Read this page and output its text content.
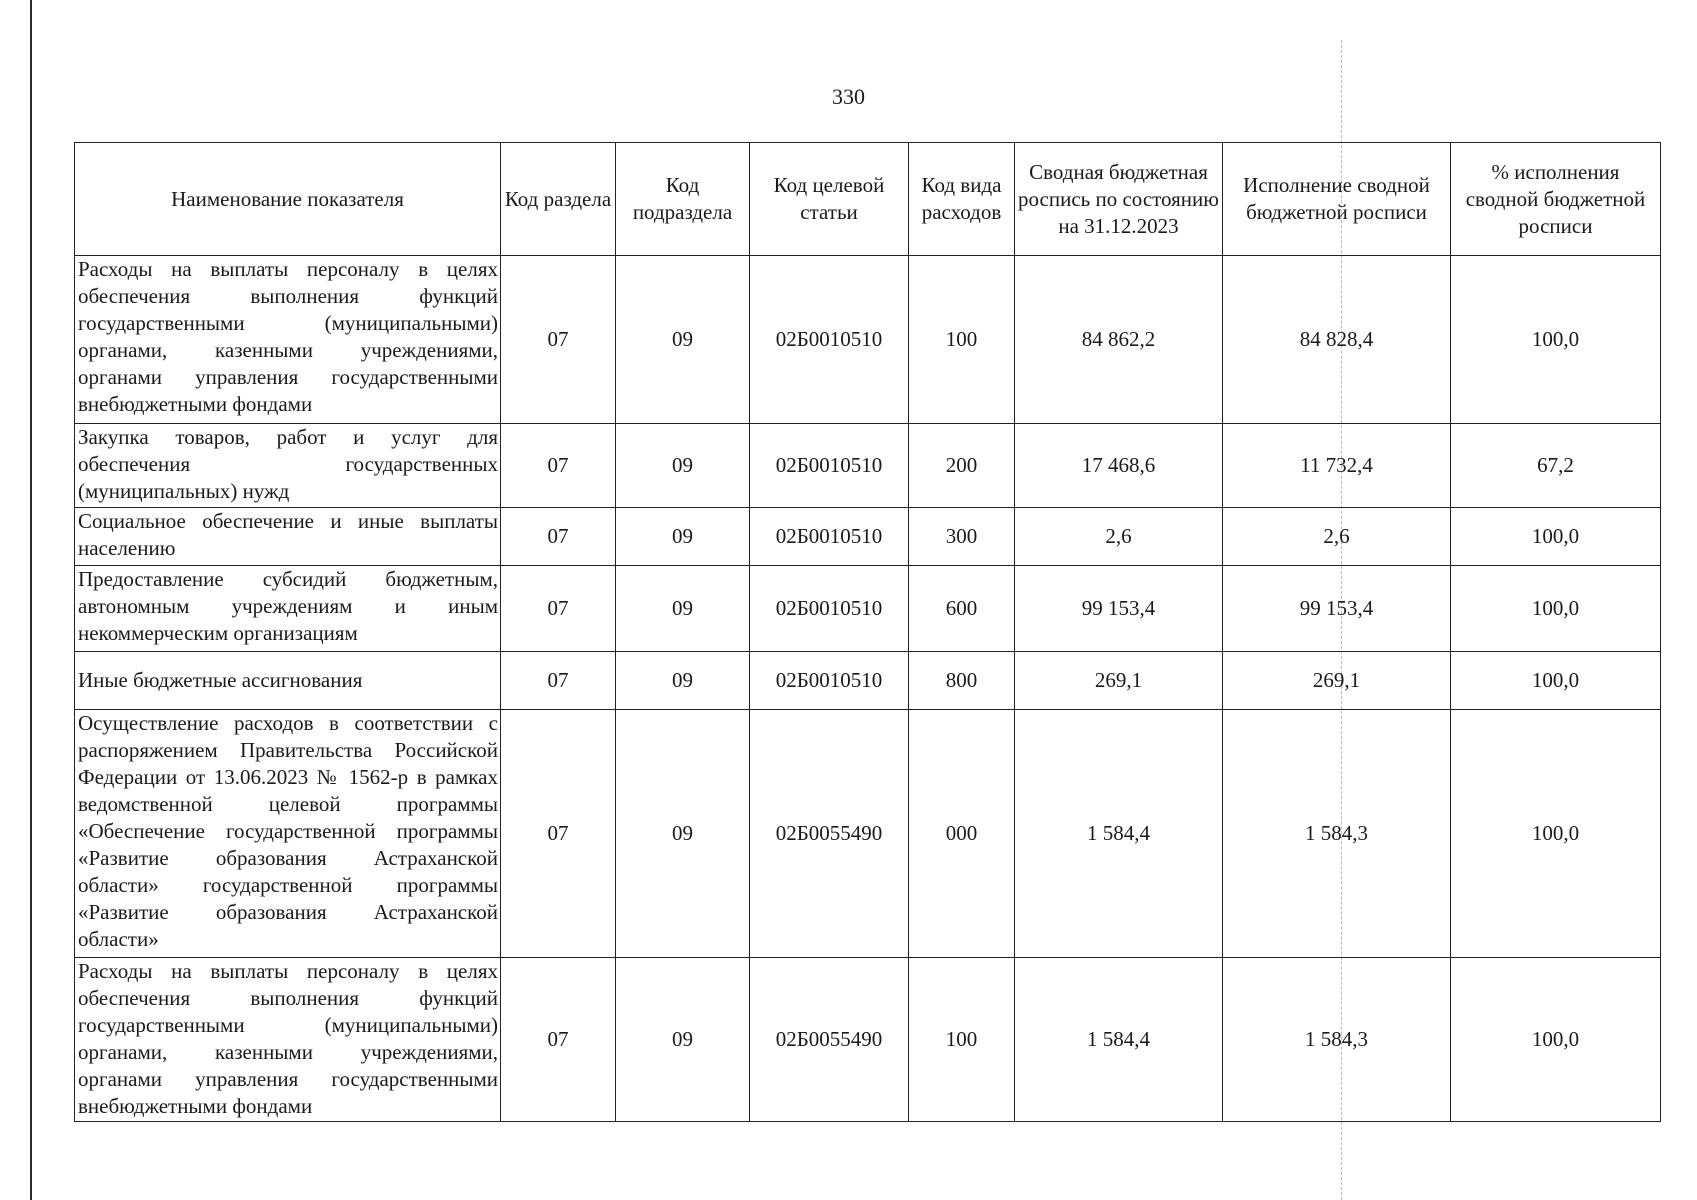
330
Наименование показателя	Код раздела	Код подраздела	Код целевой статьи	Код вида расходов	Сводная бюджетная роспись по состоянию на 31.12.2023	Исполнение сводной бюджетной росписи	% исполнения сводной бюджетной росписи
Расходы на выплаты персоналу в целях обеспечения выполнения функций государственными (муниципальными) органами, казенными учреждениями, органами управления государственными внебюджетными фондами	07	09	02Б0010510	100	84 862,2	84 828,4	100,0
Закупка товаров, работ и услуг для обеспечения государственных (муниципальных) нужд	07	09	02Б0010510	200	17 468,6	11 732,4	67,2
Социальное обеспечение и иные выплаты населению	07	09	02Б0010510	300	2,6	2,6	100,0
Предоставление субсидий бюджетным, автономным учреждениям и иным некоммерческим организациям	07	09	02Б0010510	600	99 153,4	99 153,4	100,0
Иные бюджетные ассигнования	07	09	02Б0010510	800	269,1	269,1	100,0
Осуществление расходов в соответствии с распоряжением Правительства Российской Федерации от 13.06.2023 № 1562-р в рамках ведомственной целевой программы «Обеспечение государственной программы «Развитие образования Астраханской области» государственной программы «Развитие образования Астраханской области»	07	09	02Б0055490	000	1 584,4	1 584,3	100,0
Расходы на выплаты персоналу в целях обеспечения выполнения функций государственными (муниципальными) органами, казенными учреждениями, органами управления государственными внебюджетными фондами	07	09	02Б0055490	100	1 584,4	1 584,3	100,0
